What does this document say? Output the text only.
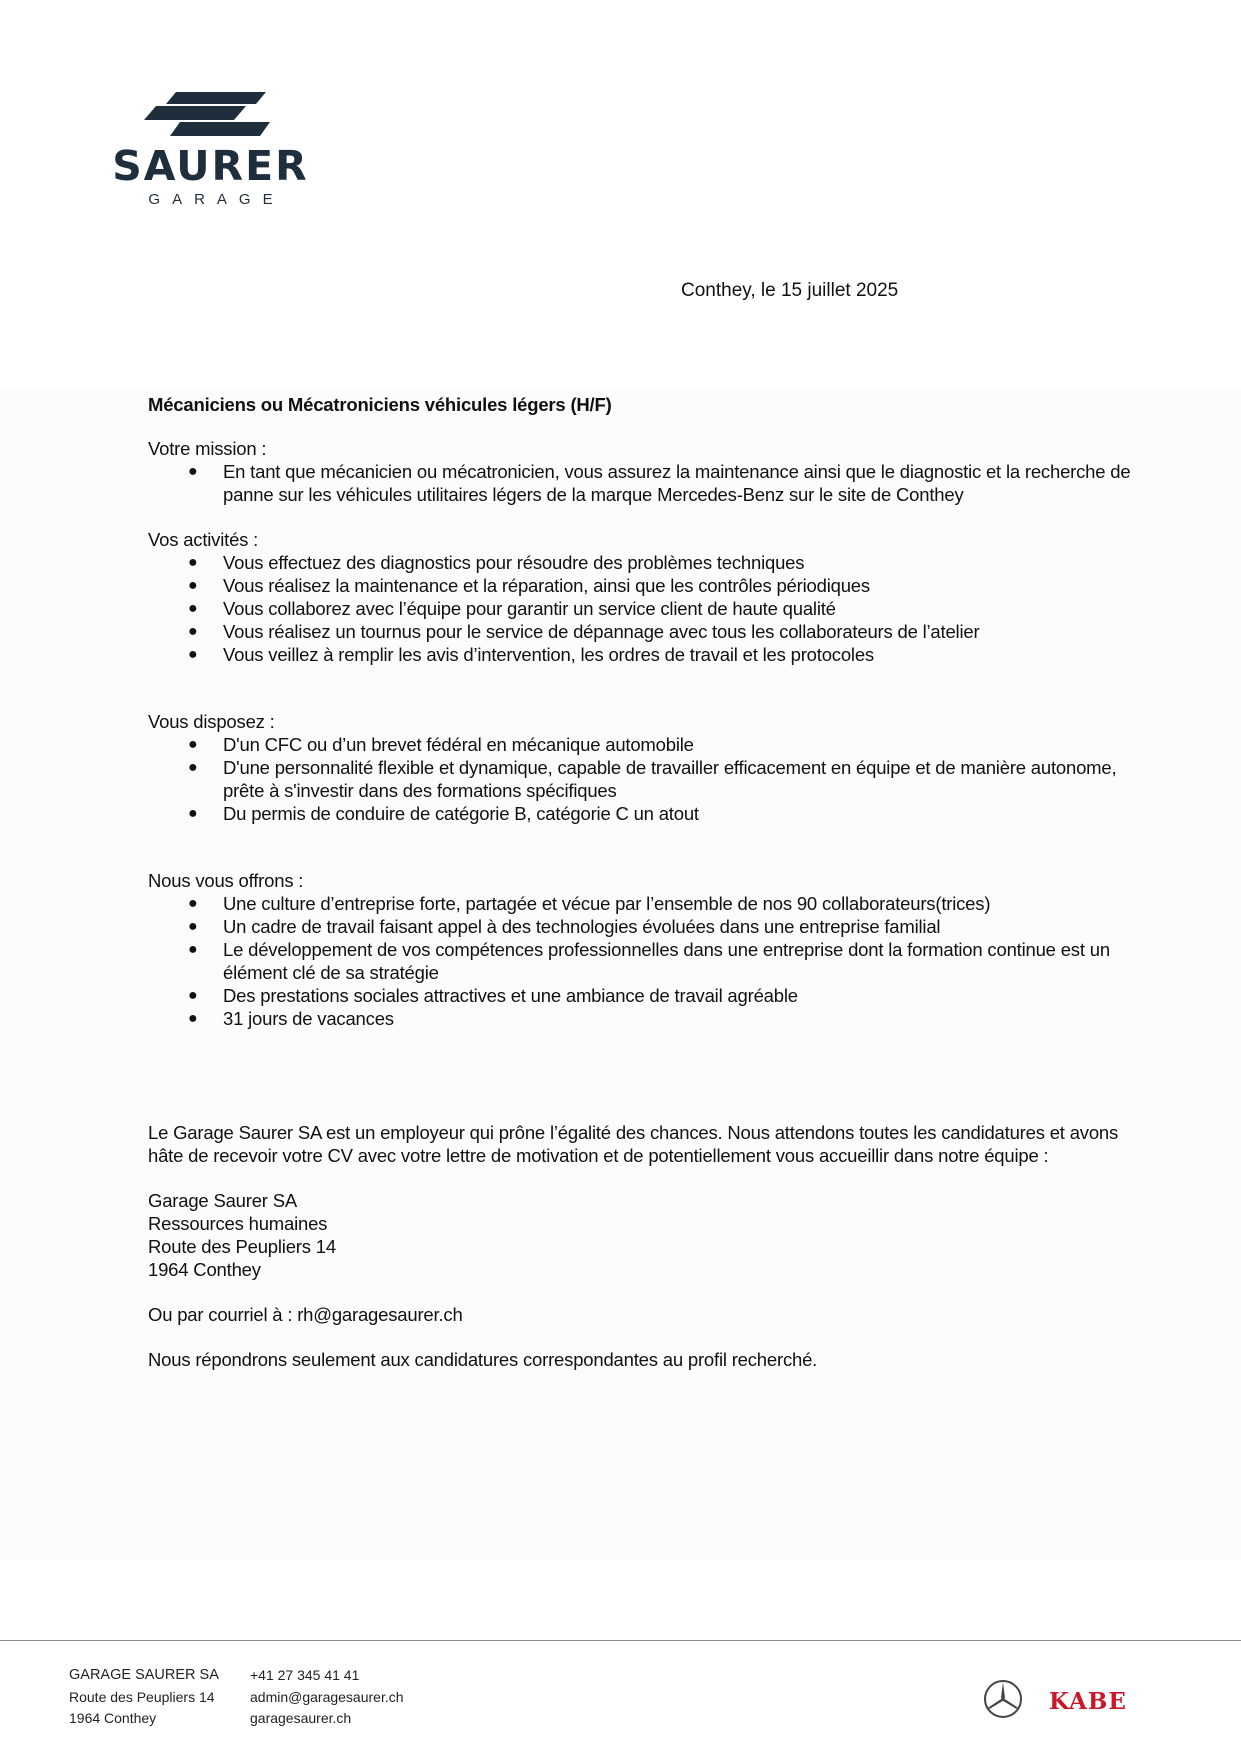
SAURER
GARAGE
Conthey, le 15 juillet 2025

Mécaniciens ou Mécatroniciens véhicules légers (H/F)

Votre mission :

● En tant que mécanicien ou mécatronicien, vous assurez la maintenance ainsi que le diagnostic et la recherche de panne sur les véhicules utilitaires légers de la marque Mercedes-Benz sur le site de Conthey

Vos activités :

● Vous effectuez des diagnostics pour résoudre des problèmes techniques
● Vous réalisez la maintenance et la réparation, ainsi que les contrôles périodiques
● Vous collaborez avec l’équipe pour garantir un service client de haute qualité
● Vous réalisez un tournus pour le service de dépannage avec tous les collaborateurs de l’atelier
● Vous veillez à remplir les avis d’intervention, les ordres de travail et les protocoles

Vous disposez :

● D'un CFC ou d’un brevet fédéral en mécanique automobile
● D'une personnalité flexible et dynamique, capable de travailler efficacement en équipe et de manière autonome, prête à s'investir dans des formations spécifiques
● Du permis de conduire de catégorie B, catégorie C un atout

Nous vous offrons :

● Une culture d’entreprise forte, partagée et vécue par l’ensemble de nos 90 collaborateurs(trices)
● Un cadre de travail faisant appel à des technologies évoluées dans une entreprise familial
● Le développement de vos compétences professionnelles dans une entreprise dont la formation continue est un élément clé de sa stratégie
● Des prestations sociales attractives et une ambiance de travail agréable
● 31 jours de vacances

Le Garage Saurer SA est un employeur qui prône l’égalité des chances. Nous attendons toutes les candidatures et avons hâte de recevoir votre CV avec votre lettre de motivation et de potentiellement vous accueillir dans notre équipe :

Garage Saurer SA

Ressources humaines

Route des Peupliers 14

1964 Conthey

Ou par courriel à : rh@garagesaurer.ch

Nous répondrons seulement aux candidatures correspondantes au profil recherché.

GARAGE SAURER SA
Route des Peupliers 14
1964 Conthey
+41 27 345 41 41
admin@garagesaurer.ch
garagesaurer.ch
KABE
